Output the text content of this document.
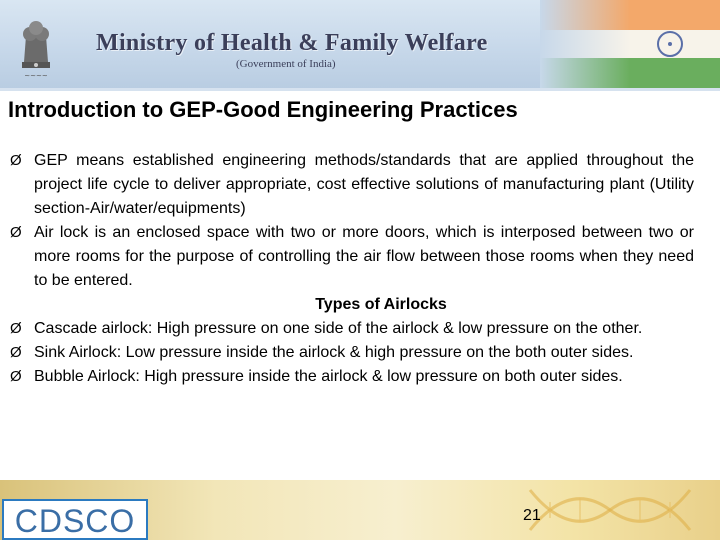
~~~~
Ministry of Health & Family Welfare
(Government of India)
Introduction to GEP-Good Engineering Practices
Ø GEP means established engineering methods/standards that are applied throughout the project life cycle to deliver appropriate, cost effective solutions of manufacturing plant (Utility section-Air/water/equipments)
Ø Air lock is an enclosed space with two or more doors, which is interposed between two or more rooms for the purpose of controlling the air flow between those rooms when they need to be entered.
Types of Airlocks
Ø Cascade airlock: High pressure on one side of the airlock & low pressure on the other.
Ø Sink Airlock: Low pressure inside the airlock & high pressure on the both outer sides.
Ø Bubble Airlock: High pressure inside the airlock & low pressure on both outer sides.
CDSCO	21
